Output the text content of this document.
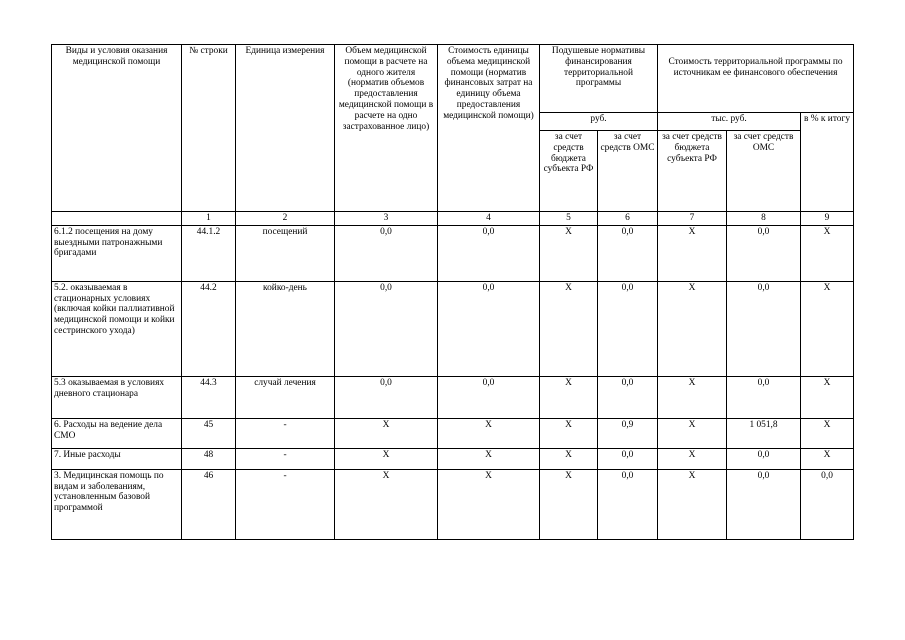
Виды и условия оказания медицинской помощи	№ строки	Единица измерения	Объем медицинской помощи в расчете на одного жителя (норматив объемов предоставления медицинской помощи в расчете на одно застрахованное лицо)	Стоимость единицы объема медицинской помощи (норматив финансовых затрат на единицу объема предоставления медицинской помощи)	Подушевые нормативы финансирования территориальной программы		Стоимость территориальной программы по источникам ее финансового обеспечения		
					руб.		тыс. руб.		в % к итогу
					за счет средств бюджета субъекта РФ	за счет средств ОМС	за счет средств бюджета субъекта РФ	за счет средств ОМС	
	1	2	3	4	5	6	7	8	9
6.1.2 посещения на дому выездными патронажными бригадами	44.1.2	посещений	0,0	0,0	Х	0,0	Х	0,0	Х
5.2. оказываемая в стационарных условиях (включая койки паллиативной медицинской помощи и койки сестринского ухода)	44.2	койко-день	0,0	0,0	Х	0,0	Х	0,0	Х
5.3 оказываемая в условиях дневного стационара	44.3	случай лечения	0,0	0,0	Х	0,0	Х	0,0	Х
6. Расходы на ведение дела СМО	45	-	Х	Х	Х	0,9	Х	1 051,8	Х
7. Иные расходы	48	-	Х	Х	Х	0,0	Х	0,0	Х
3. Медицинская помощь по видам и заболеваниям, установленным базовой программой	46	-	Х	Х	Х	0,0	Х	0,0	0,0
